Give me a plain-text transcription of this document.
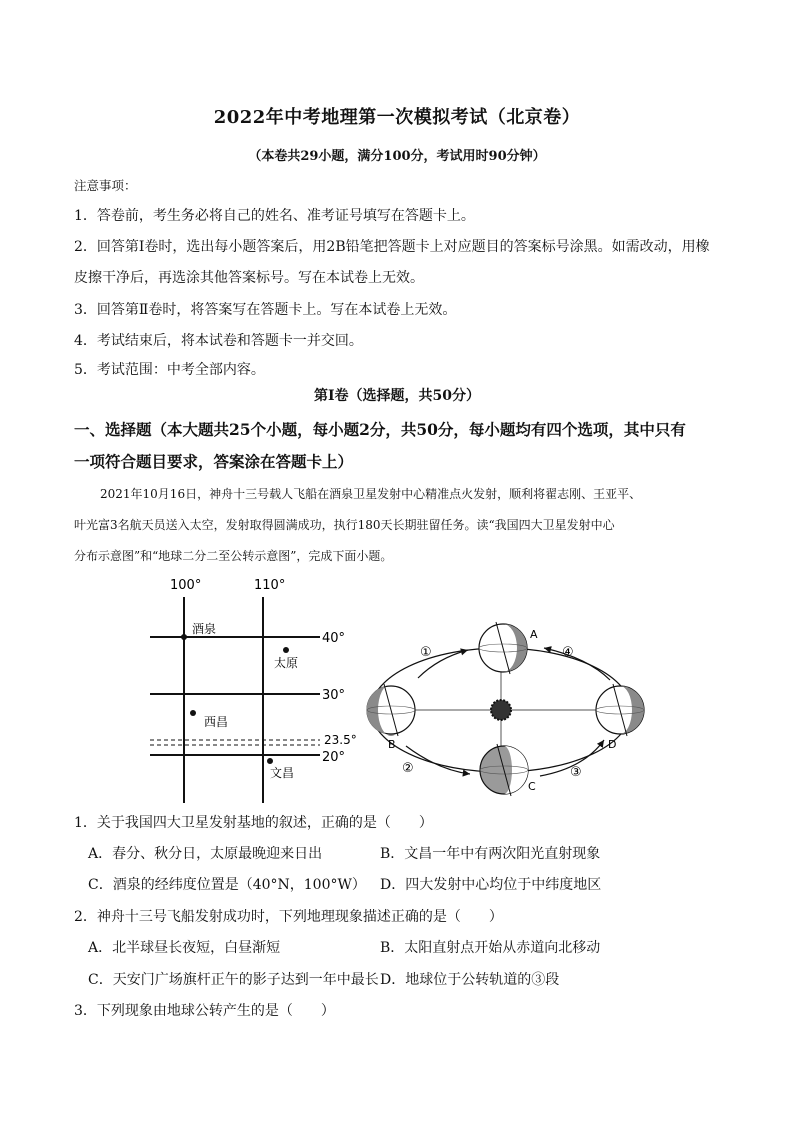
2022年中考地理第一次模拟考试（北京卷）
（本卷共29小题，满分100分，考试用时90分钟）
注意事项：
1．答卷前，考生务必将自己的姓名、准考证号填写在答题卡上。
2．回答第Ⅰ卷时，选出每小题答案后，用2B铅笔把答题卡上对应题目的答案标号涂黑。如需改动，用橡
皮擦干净后，再选涂其他答案标号。写在本试卷上无效。
3．回答第Ⅱ卷时，将答案写在答题卡上。写在本试卷上无效。
4．考试结束后，将本试卷和答题卡一并交回。
5．考试范围：中考全部内容。
第Ⅰ卷（选择题，共50分）
一、选择题（本大题共25个小题，每小题2分，共50分，每小题均有四个选项，其中只有
一项符合题目要求，答案涂在答题卡上）
2021年10月16日，神舟十三号载人飞船在酒泉卫星发射中心精准点火发射，顺利将翟志刚、王亚平、
叶光富3名航天员送入太空，发射取得圆满成功，执行180天长期驻留任务。读“我国四大卫星发射中心
分布示意图”和“地球二分二至公转示意图”，完成下面小题。
100°	110°
40°
30°
23.5°
20°
酒泉
太原
西昌
文昌
A
B
C
D
①
②	③
④
1．关于我国四大卫星发射基地的叙述，正确的是（　　）
A．春分、秋分日，太原最晚迎来日出	B．文昌一年中有两次阳光直射现象
C．酒泉的经纬度位置是（40°N，100°W） D．四大发射中心均位于中纬度地区
2．神舟十三号飞船发射成功时，下列地理现象描述正确的是（　　）
A．北半球昼长夜短，白昼渐短	B．太阳直射点开始从赤道向北移动
C．天安门广场旗杆正午的影子达到一年中最长 D．地球位于公转轨道的③段
3．下列现象由地球公转产生的是（　　）
